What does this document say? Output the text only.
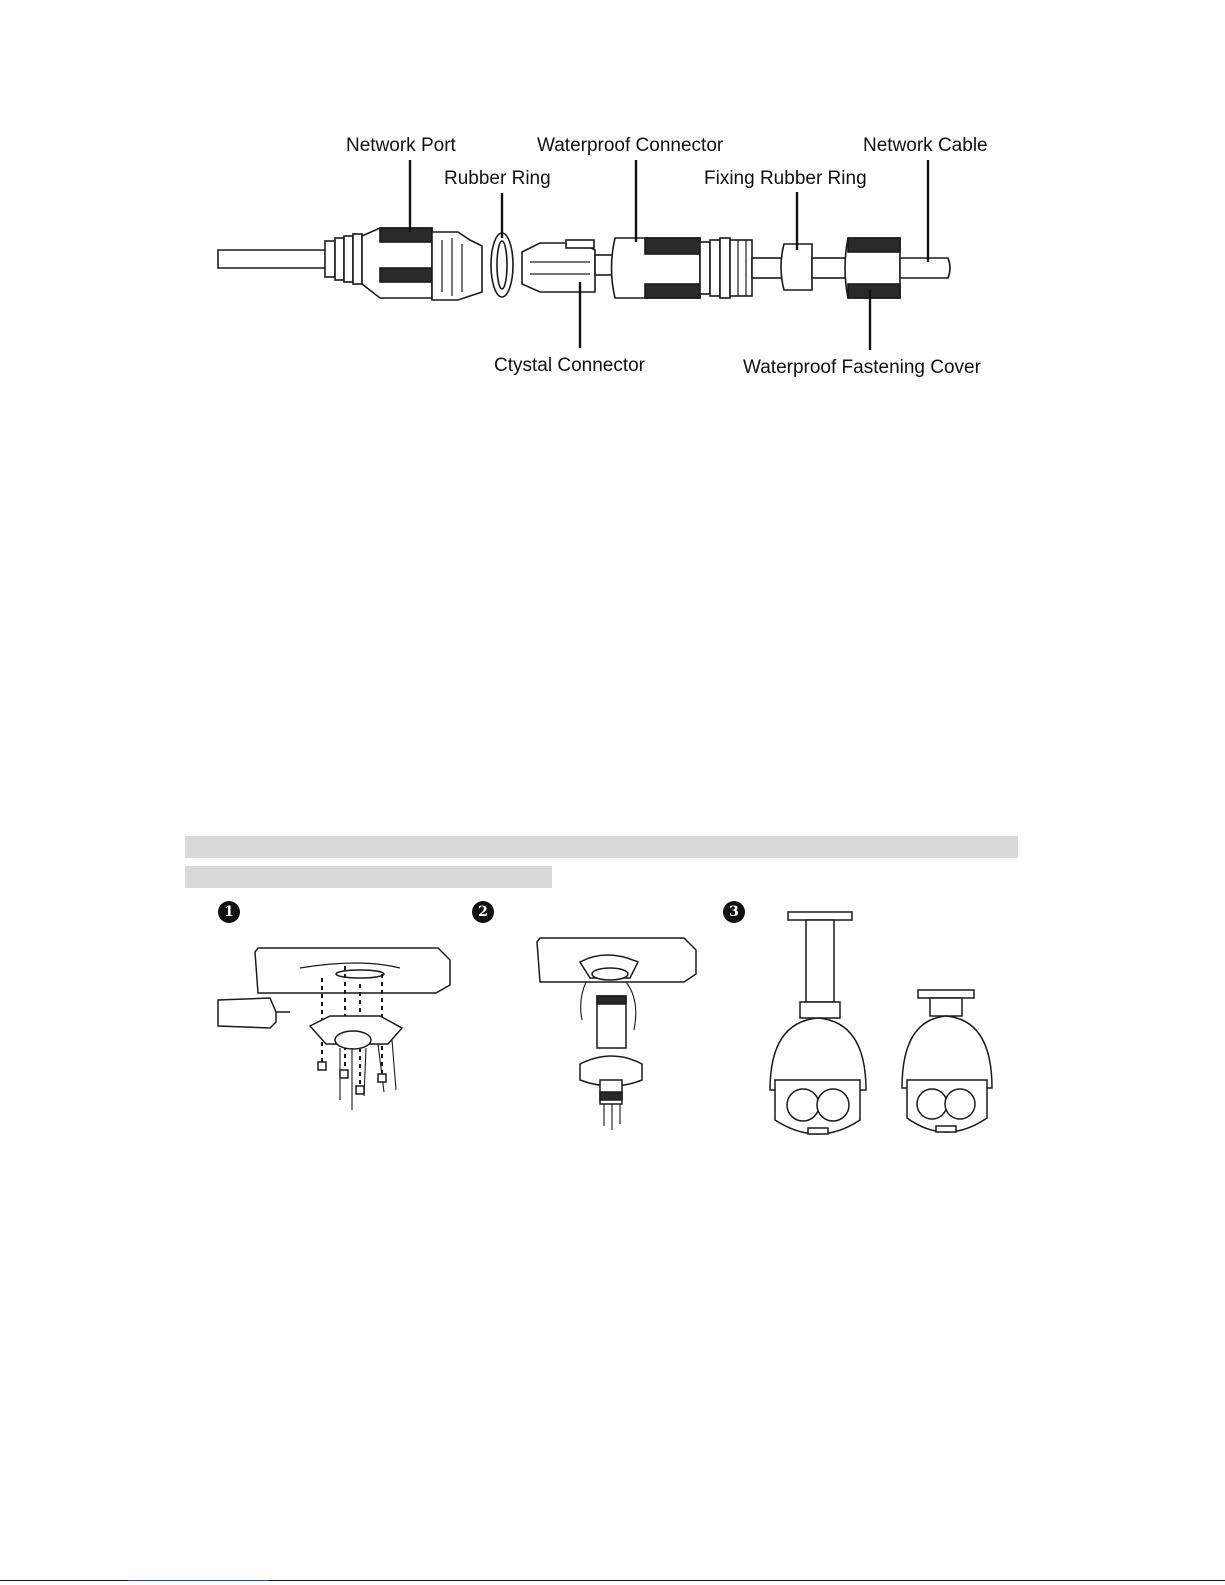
Network Port
Rubber Ring
Waterproof Connector	Network Cable
Fixing Rubber Ring
Ctystal Connector	Waterproof Fastening Cover
1	2	3
